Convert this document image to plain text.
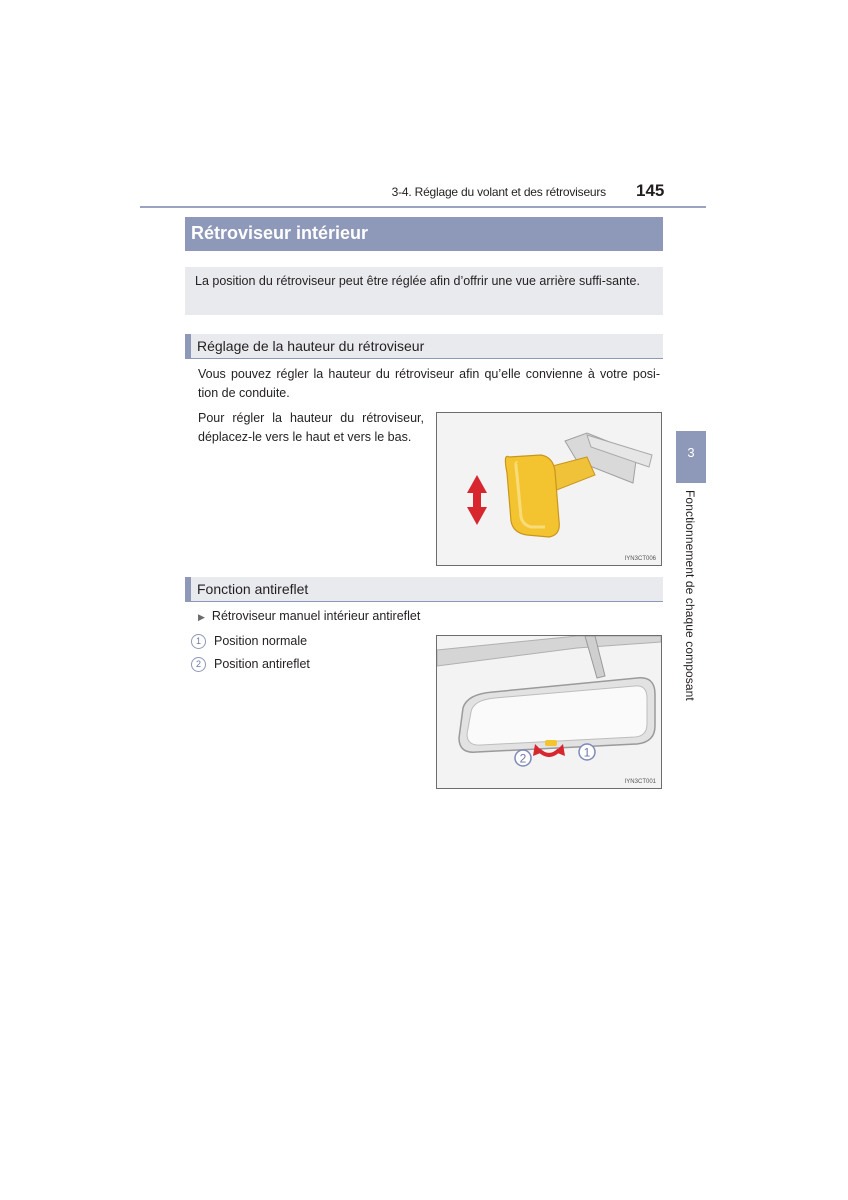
3-4. Réglage du volant et des rétroviseurs 145
Rétroviseur intérieur
La position du rétroviseur peut être réglée afin d’offrir une vue arrière suffi-sante.
Réglage de la hauteur du rétroviseur
Vous pouvez régler la hauteur du rétroviseur afin qu’elle convienne à votre posi-tion de conduite.
Pour régler la hauteur du rétroviseur, déplacez-le vers le haut et vers le bas.
IYN3CT006
Fonction antireflet
▶ Rétroviseur manuel intérieur antireflet
1 Position normale
2 Position antireflet
2	1
IYN3CT001
3
Fonctionnement de chaque composant
